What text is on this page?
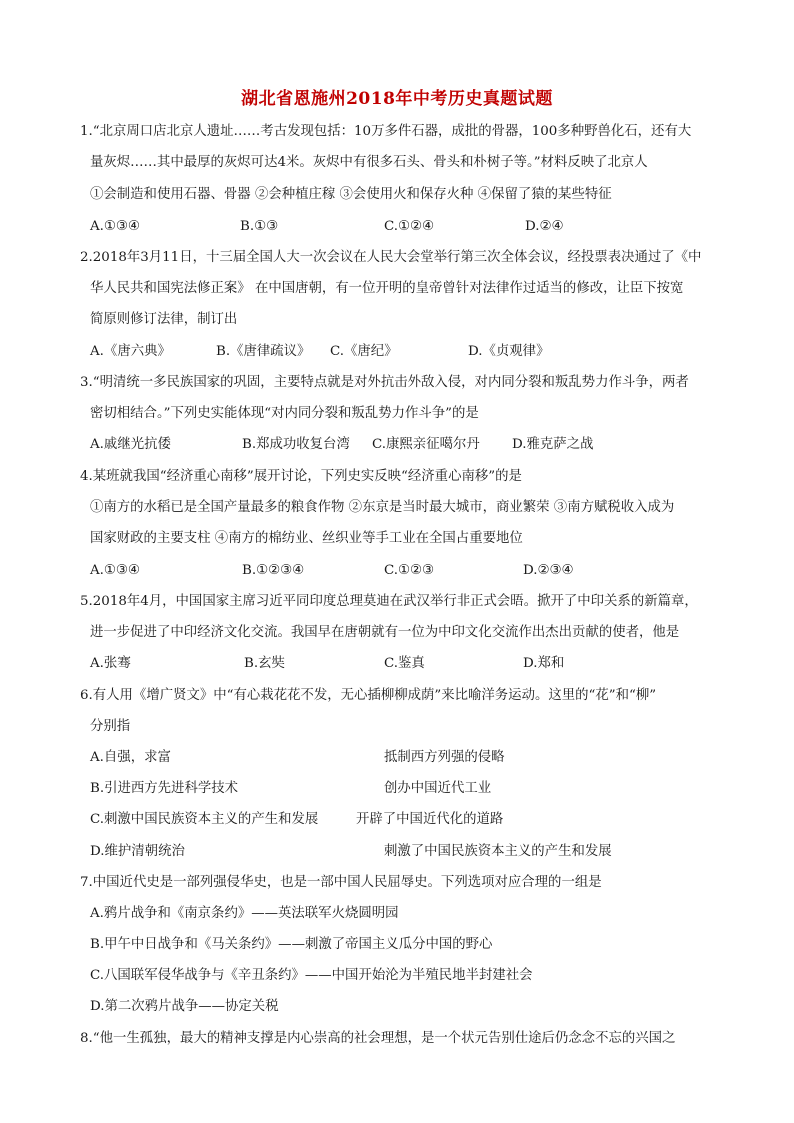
湖北省恩施州2018年中考历史真题试题
1.“北京周口店北京人遗址……考古发现包括：10万多件石器，成批的骨器，100多种野兽化石，还有大
量灰烬……其中最厚的灰烬可达4米。灰烬中有很多石头、骨头和朴树子等。”材料反映了北京人
①会制造和使用石器、骨器 ②会种植庄稼 ③会使用火和保存火种 ④保留了猿的某些特征
A.①③④	B.①③	C.①②④	D.②④
2.2018年3月11日，十三届全国人大一次会议在人民大会堂举行第三次全体会议，经投票表决通过了《中
华人民共和国宪法修正案》 在中国唐朝，有一位开明的皇帝曾针对法律作过适当的修改，让臣下按宽
简原则修订法律，制订出
A.《唐六典》	B.《唐律疏议》 C.《唐纪》	D.《贞观律》
3.“明清统一多民族国家的巩固，主要特点就是对外抗击外敌入侵，对内同分裂和叛乱势力作斗争，两者
密切相结合。”下列史实能体现“对内同分裂和叛乱势力作斗争”的是
A.戚继光抗倭	B.郑成功收复台湾 C.康熙亲征噶尔丹 D.雅克萨之战
4.某班就我国“经济重心南移”展开讨论，下列史实反映“经济重心南移”的是
①南方的水稻已是全国产量最多的粮食作物 ②东京是当时最大城市，商业繁荣 ③南方赋税收入成为
国家财政的主要支柱 ④南方的棉纺业、丝织业等手工业在全国占重要地位
A.①③④	B.①②③④	C.①②③	D.②③④
5.2018年4月，中国国家主席习近平同印度总理莫迪在武汉举行非正式会晤。掀开了中印关系的新篇章，
进一步促进了中印经济文化交流。我国早在唐朝就有一位为中印文化交流作出杰出贡献的使者，他是
A.张骞	B.玄奘	C.鉴真	D.郑和
6.有人用《增广贤文》中“有心栽花花不发，无心插柳柳成荫”来比喻洋务运动。这里的“花”和“柳”
分别指
A.自强，求富	抵制西方列强的侵略
B.引进西方先进科学技术	创办中国近代工业
C.刺激中国民族资本主义的产生和发展	开辟了中国近代化的道路
D.维护清朝统治	刺激了中国民族资本主义的产生和发展
7.中国近代史是一部列强侵华史，也是一部中国人民屈辱史。下列选项对应合理的一组是
A.鸦片战争和《南京条约》——英法联军火烧圆明园
B.甲午中日战争和《马关条约》——刺激了帝国主义瓜分中国的野心
C.八国联军侵华战争与《辛丑条约》——中国开始沦为半殖民地半封建社会
D.第二次鸦片战争——协定关税
8.“他一生孤独，最大的精神支撑是内心崇高的社会理想，是一个状元告别仕途后仍念念不忘的兴国之
